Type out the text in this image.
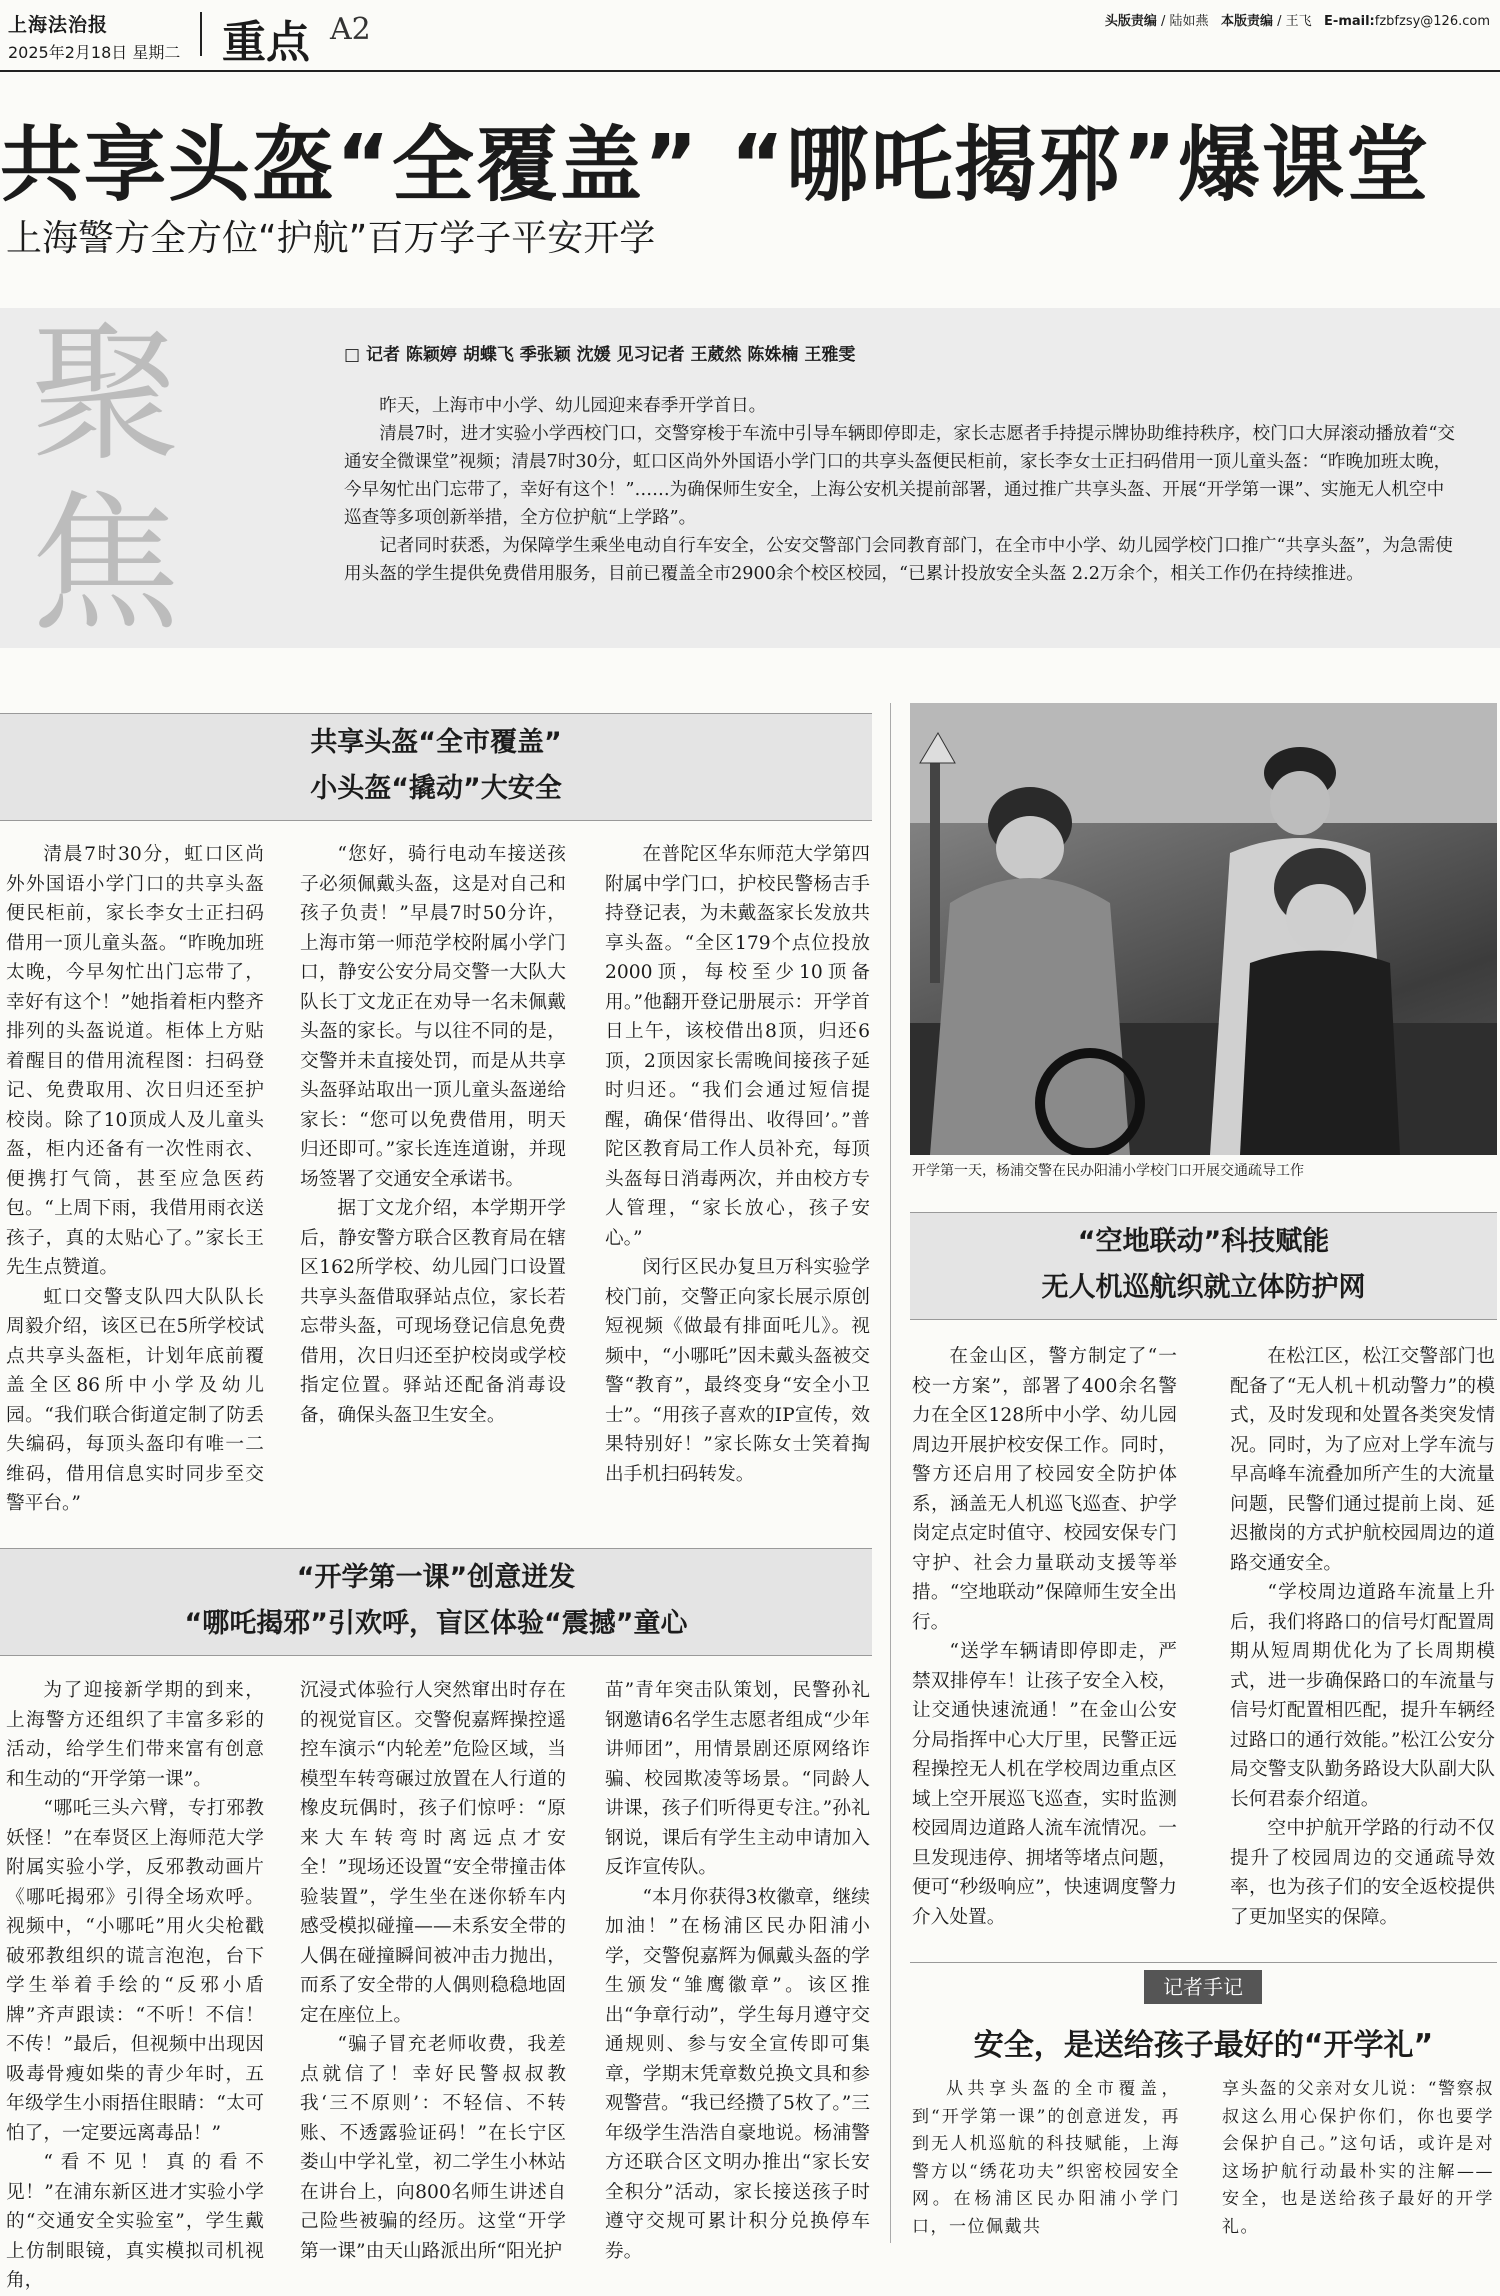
上海法治报
2025年2月18日 星期二 重点 A2	头版责编 / 陆如燕 本版责编 / 王飞 E-mail:fzbfzsy@126.com
共享头盔“全覆盖” “哪吒揭邪”爆课堂
上海警方全方位“护航”百万学子平安开学
聚焦
□ 记者 陈颖婷 胡蝶飞 季张颖 沈媛 见习记者 王葳然 陈姝楠 王雅雯

昨天，上海市中小学、幼儿园迎来春季开学首日。

清晨7时，进才实验小学西校门口，交警穿梭于车流中引导车辆即停即走，家长志愿者手持提示牌协助维持秩序，校门口大屏滚动播放着“交通安全微课堂”视频；清晨7时30分，虹口区尚外外国语小学门口的共享头盔便民柜前，家长李女士正扫码借用一顶儿童头盔：“昨晚加班太晚，今早匆忙出门忘带了，幸好有这个！”……为确保师生安全，上海公安机关提前部署，通过推广共享头盔、开展“开学第一课”、实施无人机空中巡查等多项创新举措，全方位护航“上学路”。

记者同时获悉，为保障学生乘坐电动自行车安全，公安交警部门会同教育部门，在全市中小学、幼儿园学校门口推广“共享头盔”，为急需使用头盔的学生提供免费借用服务，目前已覆盖全市2900余个校区校园，“已累计投放安全头盔 2.2万余个，相关工作仍在持续推进。

共享头盔“全市覆盖”
小头盔“撬动”大安全

清晨7时30分，虹口区尚外外国语小学门口的共享头盔便民柜前，家长李女士正扫码借用一顶儿童头盔。“昨晚加班太晚，今早匆忙出门忘带了，幸好有这个！”她指着柜内整齐排列的头盔说道。柜体上方贴着醒目的借用流程图：扫码登记、免费取用、次日归还至护校岗。除了10顶成人及儿童头盔，柜内还备有一次性雨衣、便携打气筒，甚至应急医药包。“上周下雨，我借用雨衣送孩子，真的太贴心了。”家长王先生点赞道。

虹口交警支队四大队队长周毅介绍，该区已在5所学校试点共享头盔柜，计划年底前覆盖全区86所中小学及幼儿园。“我们联合街道定制了防丢失编码，每顶头盔印有唯一二维码，借用信息实时同步至交警平台。”

“您好，骑行电动车接送孩子必须佩戴头盔，这是对自己和孩子负责！”早晨7时50分许，上海市第一师范学校附属小学门口，静安公安分局交警一大队大队长丁文龙正在劝导一名未佩戴头盔的家长。与以往不同的是，交警并未直接处罚，而是从共享头盔驿站取出一顶儿童头盔递给家长：“您可以免费借用，明天归还即可。”家长连连道谢，并现场签署了交通安全承诺书。

据丁文龙介绍，本学期开学后，静安警方联合区教育局在辖区162所学校、幼儿园门口设置共享头盔借取驿站点位，家长若忘带头盔，可现场登记信息免费借用，次日归还至护校岗或学校指定位置。驿站还配备消毒设备，确保头盔卫生安全。

在普陀区华东师范大学第四附属中学门口，护校民警杨吉手持登记表，为未戴盔家长发放共享头盔。“全区179个点位投放2000顶，每校至少10顶备用。”他翻开登记册展示：开学首日上午，该校借出8顶，归还6顶，2顶因家长需晚间接孩子延时归还。“我们会通过短信提醒，确保‘借得出、收得回’。”普陀区教育局工作人员补充，每顶头盔每日消毒两次，并由校方专人管理，“家长放心，孩子安心。”

闵行区民办复旦万科实验学校门前，交警正向家长展示原创短视频《做最有排面吒儿》。视频中，“小哪吒”因未戴头盔被交警“教育”，最终变身“安全小卫士”。“用孩子喜欢的IP宣传，效果特别好！”家长陈女士笑着掏出手机扫码转发。

开学第一天，杨浦交警在民办阳浦小学校门口开展交通疏导工作
“空地联动”科技赋能
无人机巡航织就立体防护网

在金山区，警方制定了“一校一方案”，部署了400余名警力在全区128所中小学、幼儿园周边开展护校安保工作。同时，警方还启用了校园安全防护体系，涵盖无人机巡飞巡查、护学岗定点定时值守、校园安保专门守护、社会力量联动支援等举措。“空地联动”保障师生安全出行。

“送学车辆请即停即走，严禁双排停车！让孩子安全入校，让交通快速流通！”在金山公安分局指挥中心大厅里，民警正远程操控无人机在学校周边重点区域上空开展巡飞巡查，实时监测校园周边道路人流车流情况。一旦发现违停、拥堵等堵点问题，便可“秒级响应”，快速调度警力介入处置。

在松江区，松江交警部门也配备了“无人机＋机动警力”的模式，及时发现和处置各类突发情况。同时，为了应对上学车流与早高峰车流叠加所产生的大流量问题，民警们通过提前上岗、延迟撤岗的方式护航校园周边的道路交通安全。

“学校周边道路车流量上升后，我们将路口的信号灯配置周期从短周期优化为了长周期模式，进一步确保路口的车流量与信号灯配置相匹配，提升车辆经过路口的通行效能。”松江公安分局交警支队勤务路设大队副大队长何君泰介绍道。

空中护航开学路的行动不仅提升了校园周边的交通疏导效率，也为孩子们的安全返校提供了更加坚实的保障。

“开学第一课”创意迸发
“哪吒揭邪”引欢呼，盲区体验“震撼”童心

为了迎接新学期的到来，上海警方还组织了丰富多彩的活动，给学生们带来富有创意和生动的“开学第一课”。

“哪吒三头六臂，专打邪教妖怪！”在奉贤区上海师范大学附属实验小学，反邪教动画片《哪吒揭邪》引得全场欢呼。视频中，“小哪吒”用火尖枪戳破邪教组织的谎言泡泡，台下学生举着手绘的“反邪小盾牌”齐声跟读：“不听！不信！不传！”最后，但视频中出现因吸毒骨瘦如柴的青少年时，五年级学生小雨捂住眼睛：“太可怕了，一定要远离毒品！”

“看不见！真的看不见！”在浦东新区进才实验小学的“交通安全实验室”，学生戴上仿制眼镜，真实模拟司机视角，

沉浸式体验行人突然窜出时存在的视觉盲区。交警倪嘉辉操控遥控车演示“内轮差”危险区域，当模型车转弯碾过放置在人行道的橡皮玩偶时，孩子们惊呼：“原来大车转弯时离远点才安全！”现场还设置“安全带撞击体验装置”，学生坐在迷你轿车内感受模拟碰撞——未系安全带的人偶在碰撞瞬间被冲击力抛出，而系了安全带的人偶则稳稳地固定在座位上。

“骗子冒充老师收费，我差点就信了！幸好民警叔叔教我‘三不原则’：不轻信、不转账、不透露验证码！”在长宁区娄山中学礼堂，初二学生小林站在讲台上，向800名师生讲述自己险些被骗的经历。这堂“开学第一课”由天山路派出所“阳光护

苗”青年突击队策划，民警孙礼钢邀请6名学生志愿者组成“少年讲师团”，用情景剧还原网络诈骗、校园欺凌等场景。“同龄人讲课，孩子们听得更专注。”孙礼钢说，课后有学生主动申请加入反诈宣传队。

“本月你获得3枚徽章，继续加油！”在杨浦区民办阳浦小学，交警倪嘉辉为佩戴头盔的学生颁发“雏鹰徽章”。该区推出“争章行动”，学生每月遵守交通规则、参与安全宣传即可集章，学期末凭章数兑换文具和参观警营。“我已经攒了5枚了。”三年级学生浩浩自豪地说。杨浦警方还联合区文明办推出“家长安全积分”活动，家长接送孩子时遵守交规可累计积分兑换停车券。

记者手记
安全，是送给孩子最好的“开学礼”

从共享头盔的全市覆盖，到“开学第一课”的创意迸发，再到无人机巡航的科技赋能，上海警方以“绣花功夫”织密校园安全网。在杨浦区民办阳浦小学门口，一位佩戴共

享头盔的父亲对女儿说：“警察叔叔这么用心保护你们，你也要学会保护自己。”这句话，或许是对这场护航行动最朴实的注解——安全，也是送给孩子最好的开学礼。
